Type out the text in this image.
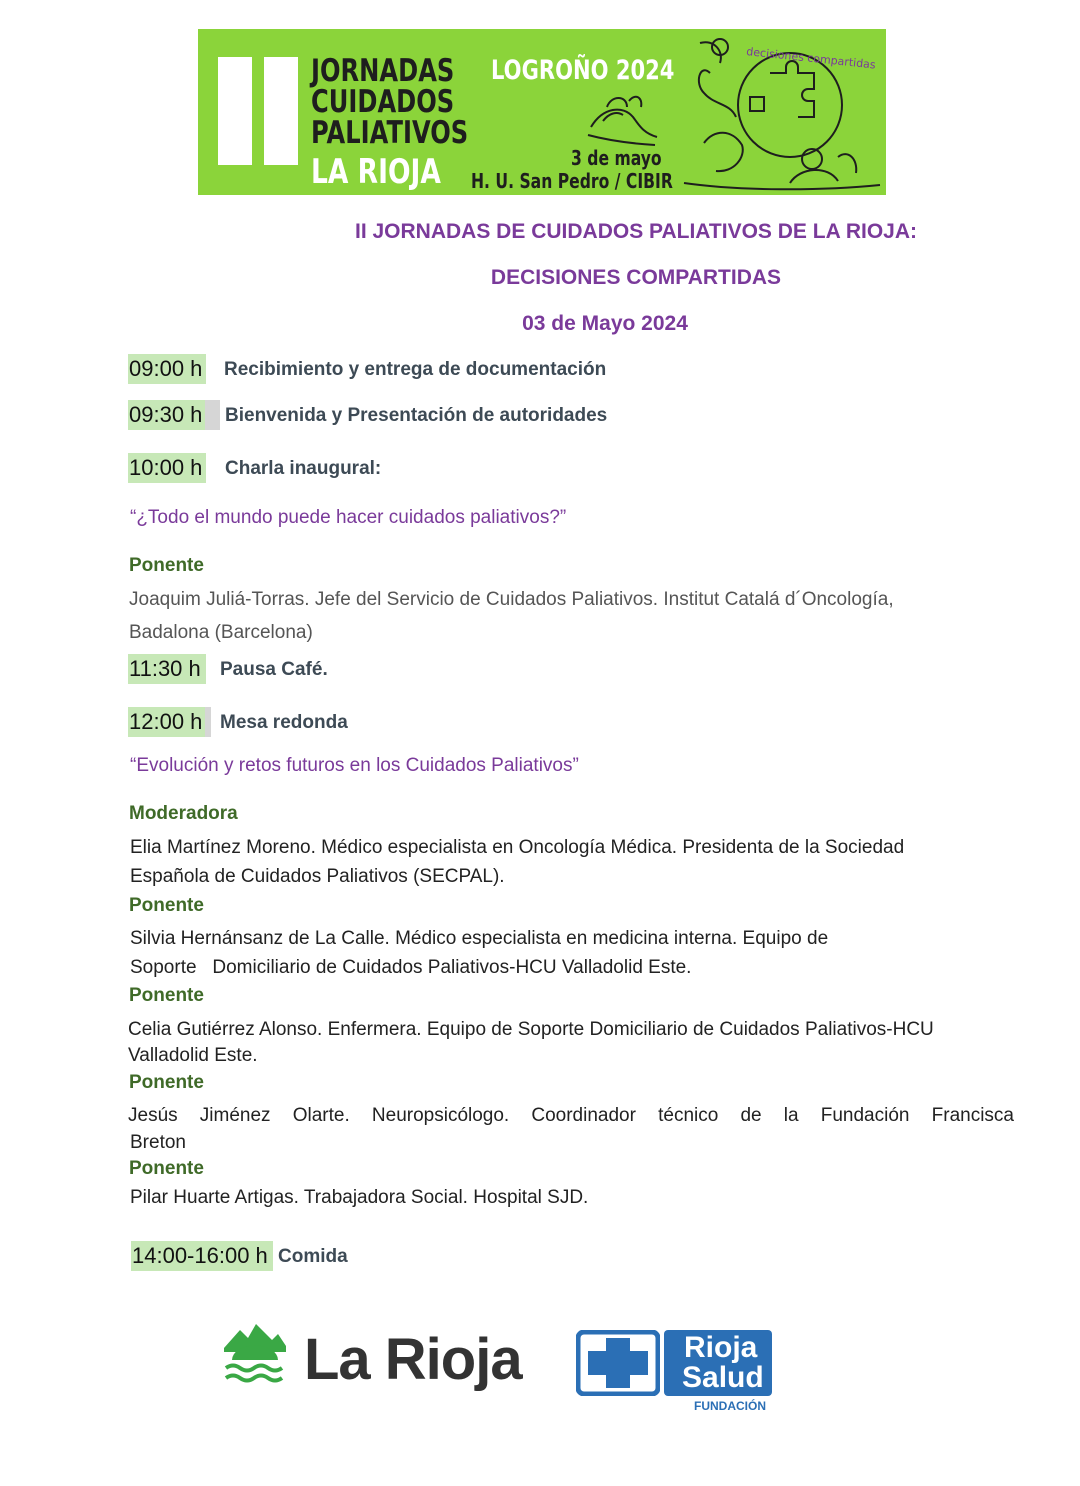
JORNADAS
CUIDADOS
PALIATIVOS
LA RIOJA
LOGROÑO 2024
3 de mayo
H. U. San Pedro / CIBIR
decisiones compartidas
II JORNADAS DE CUIDADOS PALIATIVOS DE LA RIOJA:
DECISIONES COMPARTIDAS
03 de Mayo 2024
09:00 h Recibimiento y entrega de documentación
09:30 h	Bienvenida y Presentación de autoridades
10:00 h Charla inaugural:
“¿Todo el mundo puede hacer cuidados paliativos?”
Ponente
Joaquim Juliá-Torras. Jefe del Servicio de Cuidados Paliativos. Institut Catalá d´Oncología,
Badalona (Barcelona)
11:30 h Pausa Café.
12:00 h Mesa redonda
“Evolución y retos futuros en los Cuidados Paliativos”
Moderadora
Elia Martínez Moreno. Médico especialista en Oncología Médica. Presidenta de la Sociedad
Española de Cuidados Paliativos (SECPAL).
Ponente
Silvia Hernánsanz de La Calle. Médico especialista en medicina interna. Equipo de
Soporte   Domiciliario de Cuidados Paliativos-HCU Valladolid Este.
Ponente
Celia Gutiérrez Alonso. Enfermera. Equipo de Soporte Domiciliario de Cuidados Paliativos-HCU
Valladolid Este.
Ponente
Jesús Jiménez Olarte. Neuropsicólogo. Coordinador técnico de la Fundación Francisca
Breton
Ponente
Pilar Huarte Artigas. Trabajadora Social. Hospital SJD.
14:00-16:00 h Comida
La Rioja	Rioja
Salud
FUNDACIÓN
